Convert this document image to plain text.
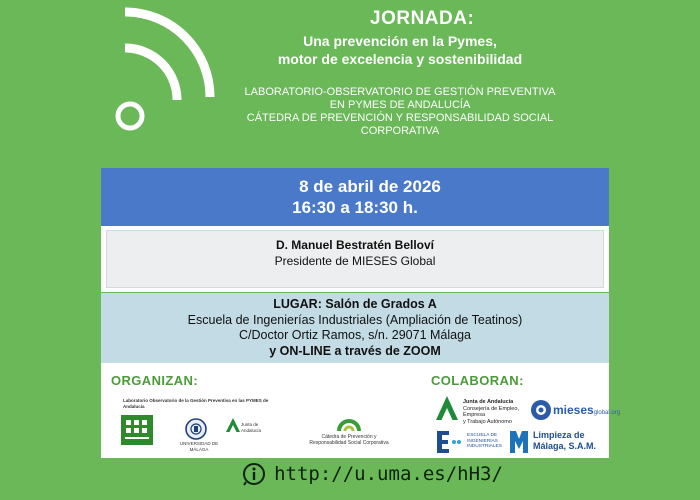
JORNADA:
Una prevención en la Pymes,
motor de excelencia y sostenibilidad
LABORATORIO-OBSERVATORIO DE GESTIÓN PREVENTIVA
EN PYMES DE ANDALUCÍA
CÁTEDRA DE PREVENCIÓN Y RESPONSABILIDAD SOCIAL
CORPORATIVA
8 de abril de 2026
16:30 a 18:30 h.
D. Manuel Bestratén Belloví
Presidente de MIESES Global
LUGAR: Salón de Grados A
Escuela de Ingenierías Industriales (Ampliación de Teatinos)
C/Doctor Ortiz Ramos, s/n. 29071 Málaga
y ON-LINE a través de ZOOM
ORGANIZAN:	COLABORAN:
Laboratorio Observatorio de la Gestión Preventiva en las PYMES de Andalucía
UNIVERSIDAD DE MÁLAGA
Junta de Andalucía
Cátedra de Prevención y
Responsabilidad Social Corporativa
Junta de Andalucía
Consejería de Empleo, Empresa
y Trabajo Autónomo
miesesglobal.org
ESCUELA DE
INGENIERÍAS
INDUSTRIALES
Limpieza de
Málaga, S.A.M.
http://u.uma.es/hH3/
